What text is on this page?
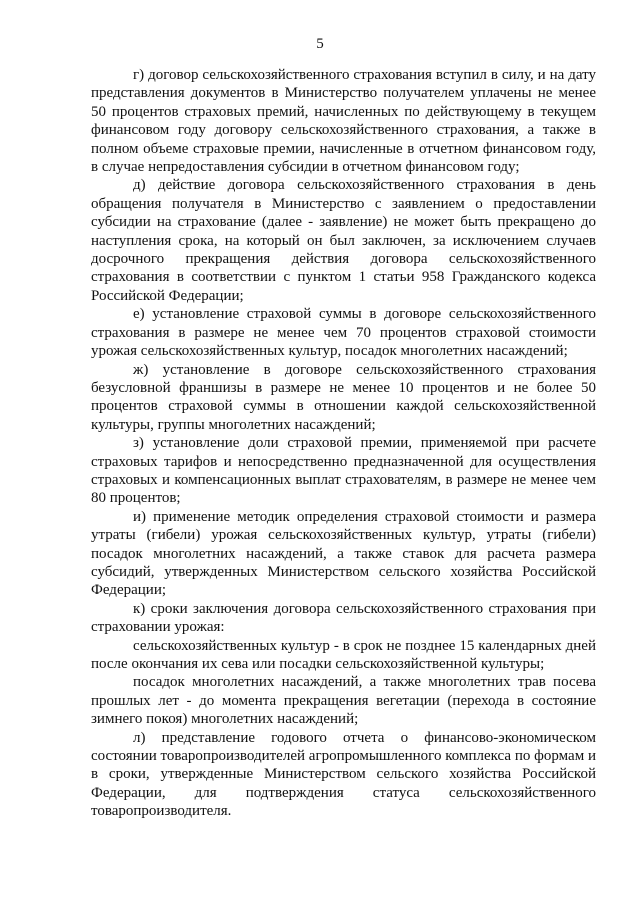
5

г) договор сельскохозяйственного страхования вступил в силу, и на дату представления документов в Министерство получателем уплачены не менее 50 процентов страховых премий, начисленных по действующему в текущем финансовом году договору сельскохозяйственного страхования, а также в полном объеме страховые премии, начисленные в отчетном финансовом году, в случае непредоставления субсидии в отчетном финансовом году;

д) действие договора сельскохозяйственного страхования в день обращения получателя в Министерство с заявлением о предоставлении субсидии на страхование (далее - заявление) не может быть прекращено до наступления срока, на который он был заключен, за исключением случаев досрочного прекращения действия договора сельскохозяйственного страхования в соответствии с пунктом 1 статьи 958 Гражданского кодекса Российской Федерации;

е) установление страховой суммы в договоре сельскохозяйственного страхования в размере не менее чем 70 процентов страховой стоимости урожая сельскохозяйственных культур, посадок многолетних насаждений;

ж) установление в договоре сельскохозяйственного страхования безусловной франшизы в размере не менее 10 процентов и не более 50 процентов страховой суммы в отношении каждой сельскохозяйственной культуры, группы многолетних насаждений;

з) установление доли страховой премии, применяемой при расчете страховых тарифов и непосредственно предназначенной для осуществления страховых и компенсационных выплат страхователям, в размере не менее чем 80 процентов;

и) применение методик определения страховой стоимости и размера утраты (гибели) урожая сельскохозяйственных культур, утраты (гибели) посадок многолетних насаждений, а также ставок для расчета размера субсидий, утвержденных Министерством сельского хозяйства Российской Федерации;

к) сроки заключения договора сельскохозяйственного страхования при страховании урожая:

сельскохозяйственных культур - в срок не позднее 15 календарных дней после окончания их сева или посадки сельскохозяйственной культуры;

посадок многолетних насаждений, а также многолетних трав посева прошлых лет - до момента прекращения вегетации (перехода в состояние зимнего покоя) многолетних насаждений;

л) представление годового отчета о финансово-экономическом состоянии товаропроизводителей агропромышленного комплекса по формам и в сроки, утвержденные Министерством сельского хозяйства Российской Федерации, для подтверждения статуса сельскохозяйственного товаропроизводителя.
